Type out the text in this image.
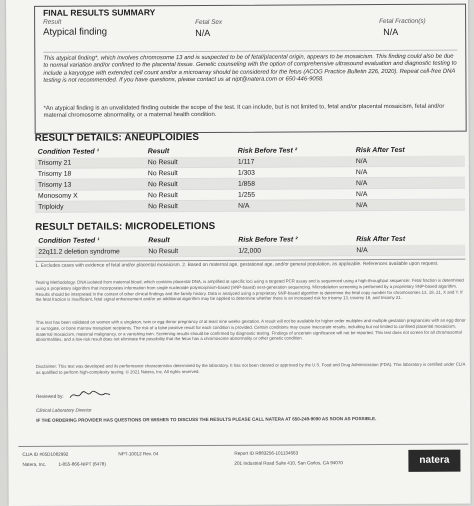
FINAL RESULTS SUMMARY
Result
Atypical finding
Fetal Sex
N/A
Fetal Fraction(s)
N/A
This atypical finding*, which involves chromosome 13 and is suspected to be of fetal/placental origin, appears to be mosaicism. This finding could also be due to normal variation and/or confined to the placental tissue. Genetic counseling with the option of comprehensive ultrasound evaluation and diagnostic testing to include a karyotype with extended cell count and/or a microarray should be considered for the fetus (ACOG Practice Bulletin 226, 2020). Repeat cell-free DNA testing is not recommended. If you have questions, please contact us at nipt@natera.com or 650-446-9058.
*An atypical finding is an unvalidated finding outside the scope of the test. It can include, but is not limited to, fetal and/or placental mosaicism, fetal and/or maternal chromosome abnormality, or a maternal health condition.
RESULT DETAILS: ANEUPLOIDIES
Condition Tested ¹	Result	Risk Before Test ²	Risk After Test
Trisomy 21	No Result	1/117	N/A
Trisomy 18	No Result	1/303	N/A
Trisomy 13	No Result	1/858	N/A
Monosomy X	No Result	1/255	N/A
Triploidy	No Result	N/A	N/A
RESULT DETAILS: MICRODELETIONS
Condition Tested ¹	Result	Risk Before Test ²	Risk After Test
22q11.2 deletion syndrome	No Result	1/2,000	N/A
1. Excludes cases with evidence of fetal and/or placental mosaicism. 2. Based on maternal age, gestational age, and/or general population, as applicable. References available upon request.
Testing Methodology: DNA isolated from maternal blood, which contains placental DNA, is amplified at specific loci using a targeted PCR assay and is sequenced using a high-throughput sequencer. Fetal fraction is determined using a proprietary algorithm that incorporates information from single nucleotide polymorphism-based (SNP-based) next-generation sequencing. Microdeletion screening is performed by a proprietary SNP-based algorithm. Results should be interpreted in the context of other clinical findings and the family history. Data is analyzed using a proprietary SNP-based algorithm to determine the fetal copy number for chromosomes 13, 18, 21, X and Y. If the fetal fraction is insufficient, fetal signal enhancement and/or an additional algorithm may be applied to determine whether there is an increased risk for trisomy 13, trisomy 18, and trisomy 21.
This test has been validated on women with a singleton, twin or egg donor pregnancy of at least nine weeks gestation. A result will not be available for higher order multiples and multiple gestation pregnancies with an egg donor or surrogate, or bone marrow transplant recipients. The risk of a false positive result for each condition is provided. Certain conditions may cause inaccurate results, including but not limited to confined placental mosaicism, maternal mosaicism, maternal malignancy, or a vanishing twin. Screening results should be confirmed by diagnostic testing. Findings of uncertain significance will not be reported. This test does not screen for all chromosomal abnormalities, and a low-risk result does not eliminate the possibility that the fetus has a chromosome abnormality or other genetic condition.
Disclaimer: This test was developed and its performance characteristics determined by the laboratory. It has not been cleared or approved by the U.S. Food and Drug Administration (FDA). This laboratory is certified under CLIA as qualified to perform high-complexity testing. © 2021 Natera, Inc. All rights reserved.
Reviewed by:
Clinical Laboratory Director
IF THE ORDERING PROVIDER HAS QUESTIONS OR WISHES TO DISCUSS THE RESULTS PLEASE CALL NATERA AT 650-249-9090 AS SOON AS POSSIBLE.
CLIA ID #05D1082992	NPT-10012 Rev. 04	Report ID R883256-101134663
Natera, Inc.	1-855-866-NIPT (6478)	201 Industrial Road Suite 410, San Carlos, CA 94070	natera
